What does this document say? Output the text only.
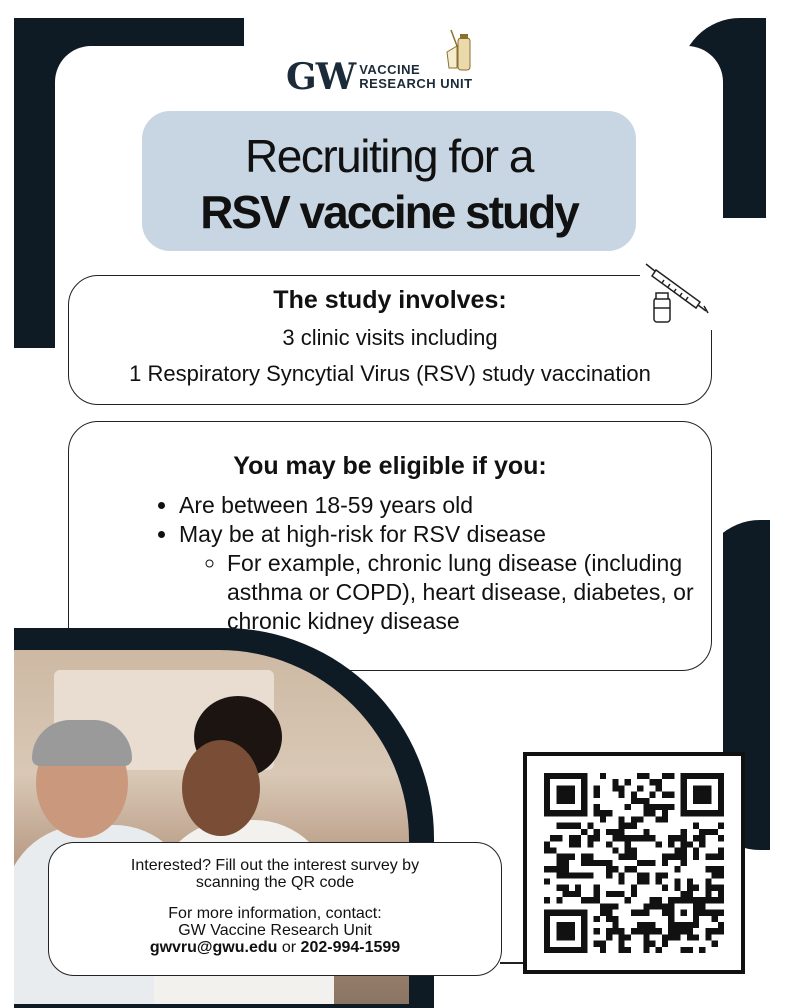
GW VACCINE
RESEARCH UNIT
Recruiting for a
RSV vaccine study
The study involves:
3 clinic visits including
1 Respiratory Syncytial Virus (RSV) study vaccination
You may be eligible if you:
• Are between 18-59 years old
• May be at high-risk for RSV disease
◦ For example, chronic lung disease (including asthma or COPD), heart disease, diabetes, or chronic kidney disease
Interested? Fill out the interest survey by
scanning the QR code
For more information, contact:
GW Vaccine Research Unit
gwvru@gwu.edu or 202-994-1599
